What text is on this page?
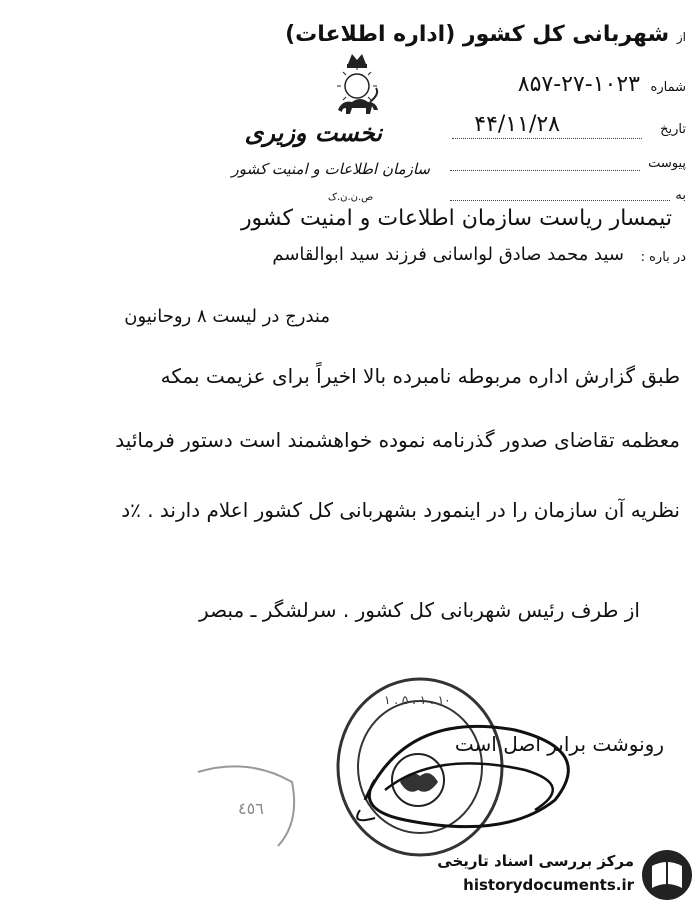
از شهربانی کل کشور (اداره اطلاعات)
شماره
۸۵۷-۲۷-۱۰۲۳
تاریخ
۴۴/۱۱/۲۸
پیوست
به
نخست وزیری
سازمان اطلاعات و امنیت کشور
ص.ن.ن.ک
تیمسار ریاست سازمان اطلاعات و امنیت کشور
در باره :
سید محمد صادق لواسانی فرزند سید ابوالقاسم
مندرج در لیست ۸ روحانیون
طبق گزارش اداره مربوطه نامبرده بالا اخیراً برای عزیمت بمکه
معظمه تقاضای صدور گذرنامه نموده خواهشمند است دستور فرمائید
نظریه آن سازمان را در اینمورد بشهربانی کل کشور اعلام دارند . ٪د
از طرف رئیس شهربانی کل کشور . سرلشگر ـ مبصر
۱ . ۵ . ۱ . ۱۰
٤٥٦
رونوشت برابر اصل است
مرکز بررسی اسناد تاریخی
historydocuments.ir
